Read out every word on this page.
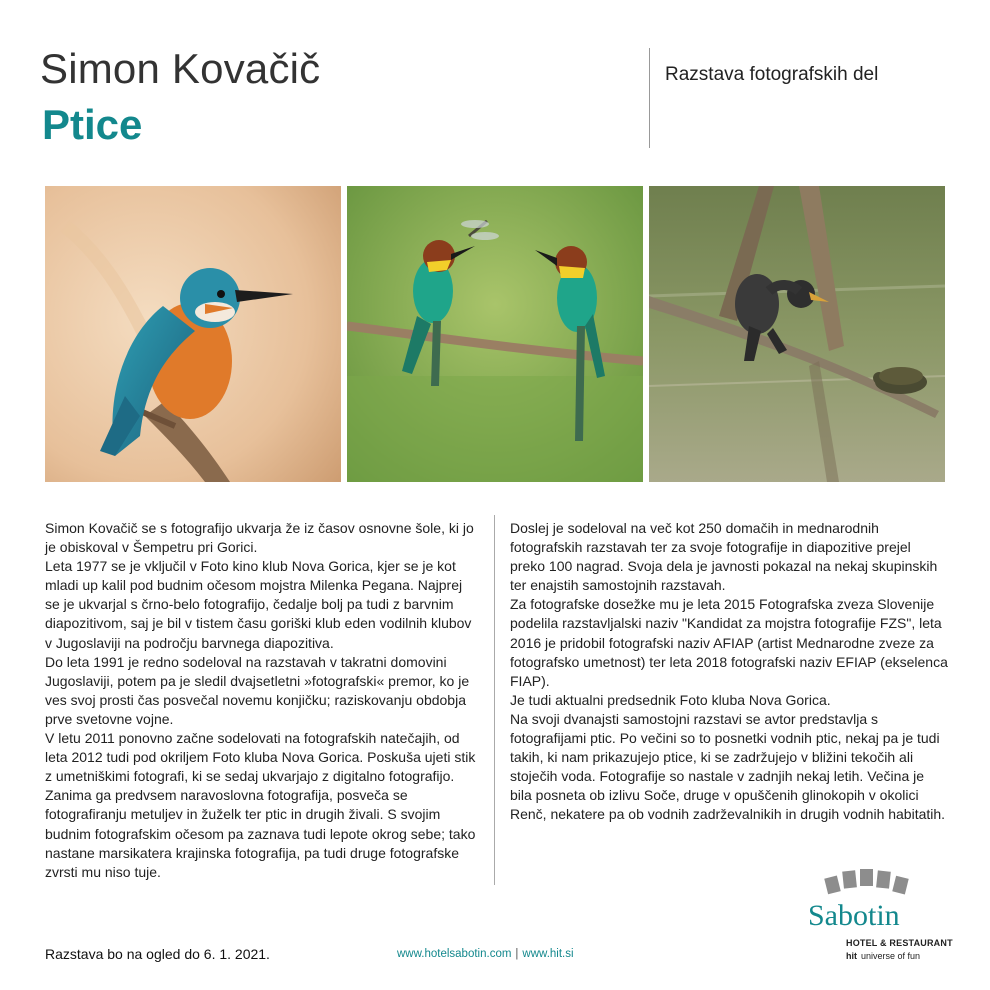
Simon Kovačič
Ptice
Razstava fotografskih del

Simon Kovačič se s fotografijo ukvarja že iz časov osnovne šole, ki jo je obiskoval v Šempetru pri Gorici.

Leta 1977 se je vključil v Foto kino klub Nova Gorica, kjer se je kot mladi up kalil pod budnim očesom mojstra Milenka Pegana. Najprej se je ukvarjal s črno-belo fotografijo, čedalje bolj pa tudi z barvnim diapozitivom, saj je bil v tistem času goriški klub eden vodilnih klubov v Jugoslaviji na področju barvnega diapozitiva.

Do leta 1991 je redno sodeloval na razstavah v takratni domovini Jugoslaviji, potem pa je sledil dvajsetletni »fotografski« premor, ko je ves svoj prosti čas posvečal novemu konjičku; raziskovanju obdobja prve svetovne vojne.

V letu 2011 ponovno začne sodelovati na fotografskih natečajih, od leta 2012 tudi pod okriljem Foto kluba Nova Gorica. Poskuša ujeti stik z umetniškimi fotografi, ki se sedaj ukvarjajo z digitalno fotografijo. Zanima ga predvsem naravoslovna fotografija, posveča se fotografiranju metuljev in žuželk ter ptic in drugih živali. S svojim budnim fotografskim očesom pa zaznava tudi lepote okrog sebe; tako nastane marsikatera krajinska fotografija, pa tudi druge fotografske zvrsti mu niso tuje.

Doslej je sodeloval na več kot 250 domačih in mednarodnih fotografskih razstavah ter za svoje fotografije in diapozitive prejel preko 100 nagrad. Svoja dela je javnosti pokazal na nekaj skupinskih ter enajstih samostojnih razstavah.

Za fotografske dosežke mu je leta 2015 Fotografska zveza Slovenije podelila razstavljalski naziv "Kandidat za mojstra fotografije FZS", leta 2016 je pridobil fotografski naziv AFIAP (artist Mednarodne zveze za fotografsko umetnost) ter leta 2018 fotografski naziv EFIAP (ekselenca FIAP).

Je tudi aktualni predsednik Foto kluba Nova Gorica.

Na svoji dvanajsti samostojni razstavi se avtor predstavlja s fotografijami ptic. Po večini so to posnetki vodnih ptic, nekaj pa je tudi takih, ki nam prikazujejo ptice, ki se zadržujejo v bližini tekočih ali stoječih voda. Fotografije so nastale v zadnjih nekaj letih. Večina je bila posneta ob izlivu Soče, druge v opuščenih glinokopih v okolici Renč, nekatere pa ob vodnih zadrževalnikih in drugih vodnih habitatih.

Razstava bo na ogled do 6. 1. 2021.	www.hotelsabotin.com | www.hit.si
Sabotin
HOTEL & RESTAURANT
hit universe of fun
